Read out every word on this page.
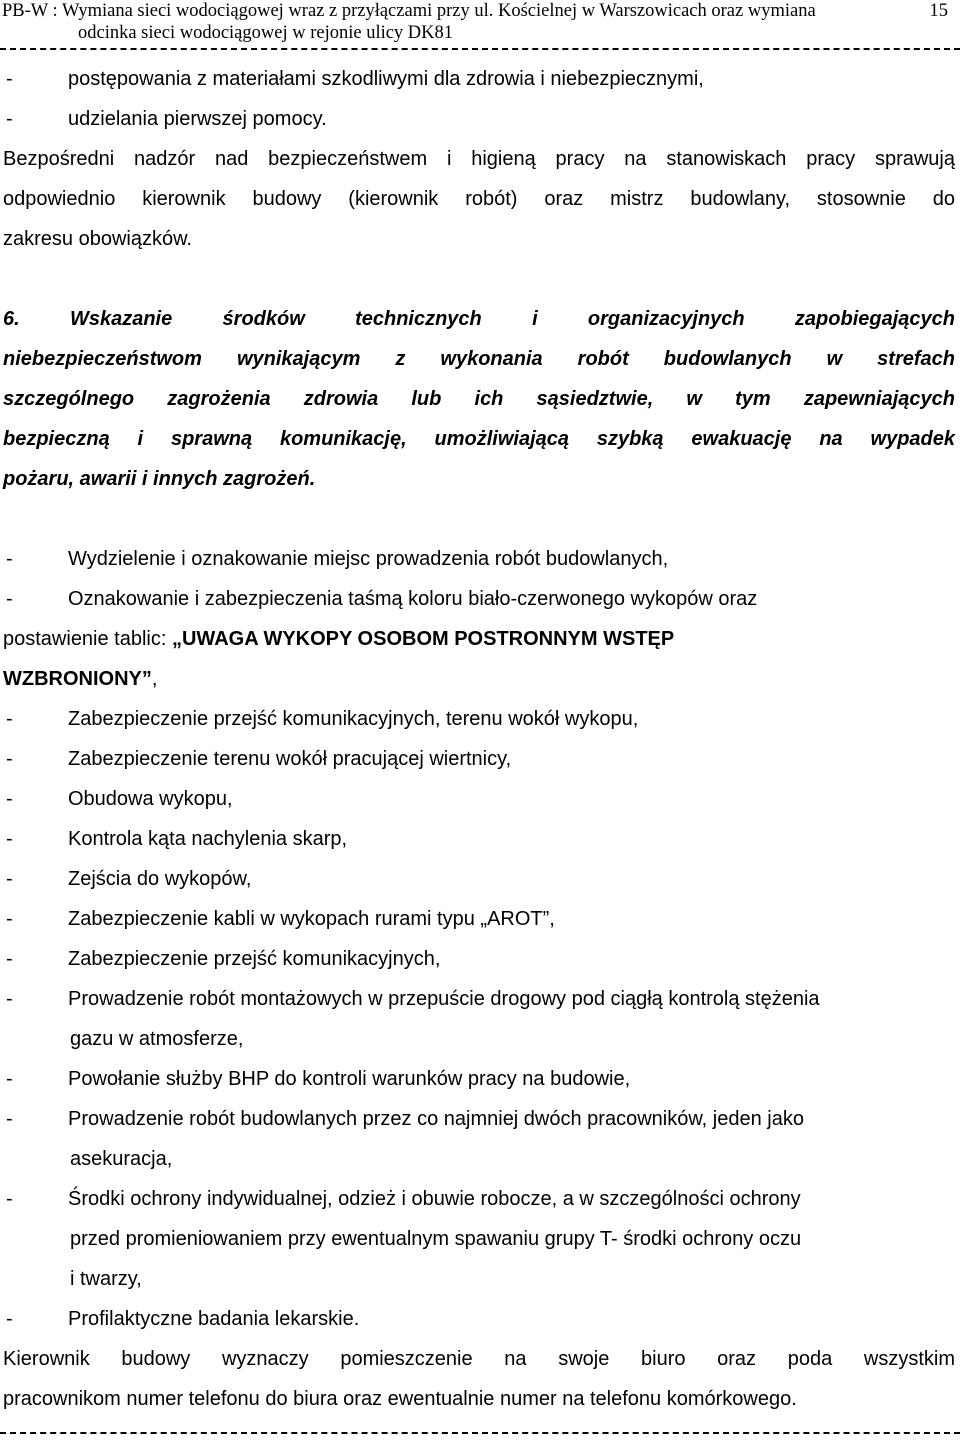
PB-W : Wymiana sieci wodociągowej wraz z przyłączami przy ul. Kościelnej w Warszowicach oraz wymiana
odcinka sieci wodociągowej w rejonie ulicy DK81
15
-	postępowania z materiałami szkodliwymi dla zdrowia i niebezpiecznymi,
-	udzielania pierwszej pomocy.
Bezpośredni nadzór nad bezpieczeństwem i higieną pracy na stanowiskach pracy sprawują
odpowiednio kierownik budowy (kierownik robót) oraz mistrz budowlany, stosownie do
zakresu obowiązków.
6. Wskazanie środków technicznych i organizacyjnych zapobiegających
niebezpieczeństwom wynikającym z wykonania robót budowlanych w strefach
szczególnego zagrożenia zdrowia lub ich sąsiedztwie, w tym zapewniających
bezpieczną i sprawną komunikację, umożliwiającą szybką ewakuację na wypadek
pożaru, awarii i innych zagrożeń.
-	Wydzielenie i oznakowanie miejsc prowadzenia robót budowlanych,
-	Oznakowanie i zabezpieczenia taśmą koloru biało-czerwonego wykopów oraz
postawienie tablic: „UWAGA WYKOPY OSOBOM POSTRONNYM WSTĘP
WZBRONIONY”,
-	Zabezpieczenie przejść komunikacyjnych, terenu wokół wykopu,
-	Zabezpieczenie terenu wokół pracującej wiertnicy,
-	Obudowa wykopu,
-	Kontrola kąta nachylenia skarp,
-	Zejścia do wykopów,
-	Zabezpieczenie kabli w wykopach rurami typu „AROT”,
-	Zabezpieczenie przejść komunikacyjnych,
-	Prowadzenie robót montażowych w przepuście drogowy pod ciągłą kontrolą stężenia
gazu w atmosferze,
-	Powołanie służby BHP do kontroli warunków pracy na budowie,
-	Prowadzenie robót budowlanych przez co najmniej dwóch pracowników, jeden jako
asekuracja,
-	Środki ochrony indywidualnej, odzież i obuwie robocze, a w szczególności ochrony
przed promieniowaniem przy ewentualnym spawaniu grupy T- środki ochrony oczu
i twarzy,
-	Profilaktyczne badania lekarskie.
Kierownik budowy wyznaczy pomieszczenie na swoje biuro oraz poda wszystkim
pracownikom numer telefonu do biura oraz ewentualnie numer na telefonu komórkowego.
